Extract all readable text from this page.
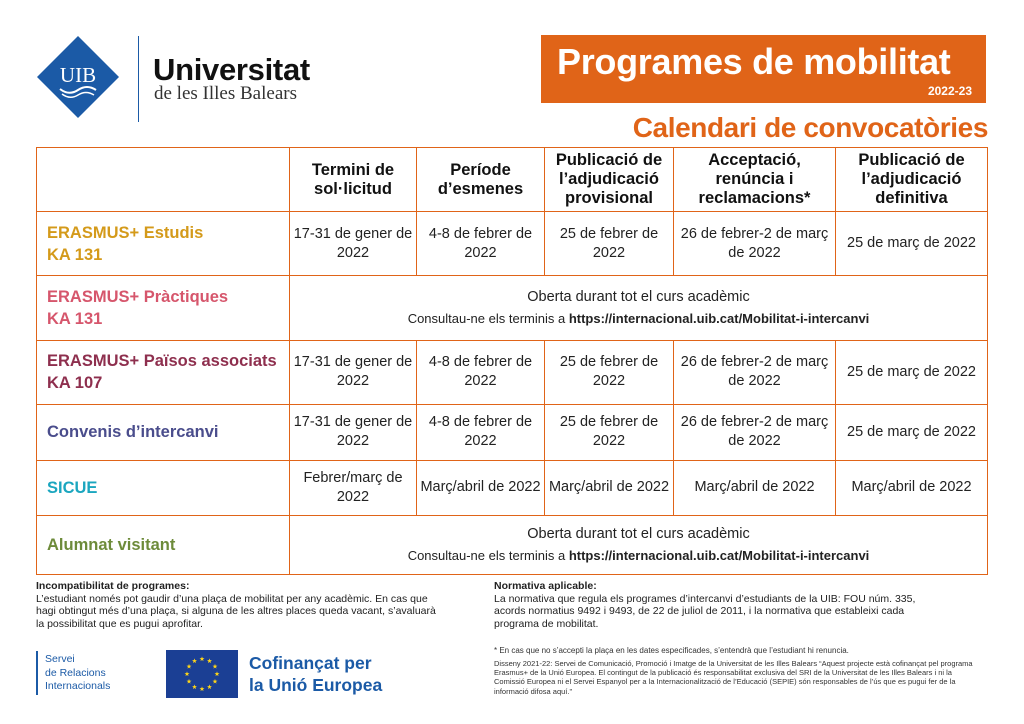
UIB Universitat
de les Illes Balears
Programes de mobilitat
2022-23
Calendari de convocatòries
	Termini de sol·licitud	Període d’esmenes	Publicació de l’adjudicació provisional	Acceptació, renúncia i reclamacions*	Publicació de l’adjudicació definitiva
ERASMUS+ Estudis
KA 131	17-31 de gener de 2022	4-8 de febrer de 2022	25 de febrer de 2022	26 de febrer-2 de març de 2022	25 de març de 2022
ERASMUS+ Pràctiques
KA 131	Oberta durant tot el curs acadèmic
Consultau-ne els terminis a https://internacional.uib.cat/Mobilitat-i-intercanvi				

ERASMUS+ Països associats
KA 107	17-31 de gener de 2022	4-8 de febrer de 2022	25 de febrer de 2022	26 de febrer-2 de març de 2022	25 de març de 2022
Convenis d’intercanvi	17-31 de gener de 2022	4-8 de febrer de 2022	25 de febrer de 2022	26 de febrer-2 de març de 2022	25 de març de 2022
SICUE	Febrer/març de 2022	Març/abril de 2022	Març/abril de 2022	Març/abril de 2022	Març/abril de 2022
Alumnat visitant	Oberta durant tot el curs acadèmic
Consultau-ne els terminis a https://internacional.uib.cat/Mobilitat-i-intercanvi				
Incompatibilitat de programes:
L’estudiant només pot gaudir d’una plaça de mobilitat per any acadèmic. En cas que hagi obtingut més d’una plaça, si alguna de les altres places queda vacant, s’avaluarà la possibilitat que es pugui aprofitar.
Normativa aplicable:
La normativa que regula els programes d’intercanvi d’estudiants de la UIB: FOU núm. 335, acords normatius 9492 i 9493, de 22 de juliol de 2011, i la normativa que estableixi cada programa de mobilitat.
* En cas que no s’accepti la plaça en les dates especificades, s’entendrà que l’estudiant hi renuncia.
Disseny 2021-22: Servei de Comunicació, Promoció i Imatge de la Universitat de les Illes Balears “Aquest projecte està cofinançat pel programa Erasmus+ de la Unió Europea. El contingut de la publicació és responsabilitat exclusiva del SRI de la Universitat de les Illes Balears i ni la Comissió Europea ni el Servei Espanyol per a la Internacionalització de l’Educació (SEPIE) són responsables de l’ús que es pugui fer de la informació difosa aquí.”
Servei
de Relacions
Internacionals
Cofinançat per
la Unió Europea
